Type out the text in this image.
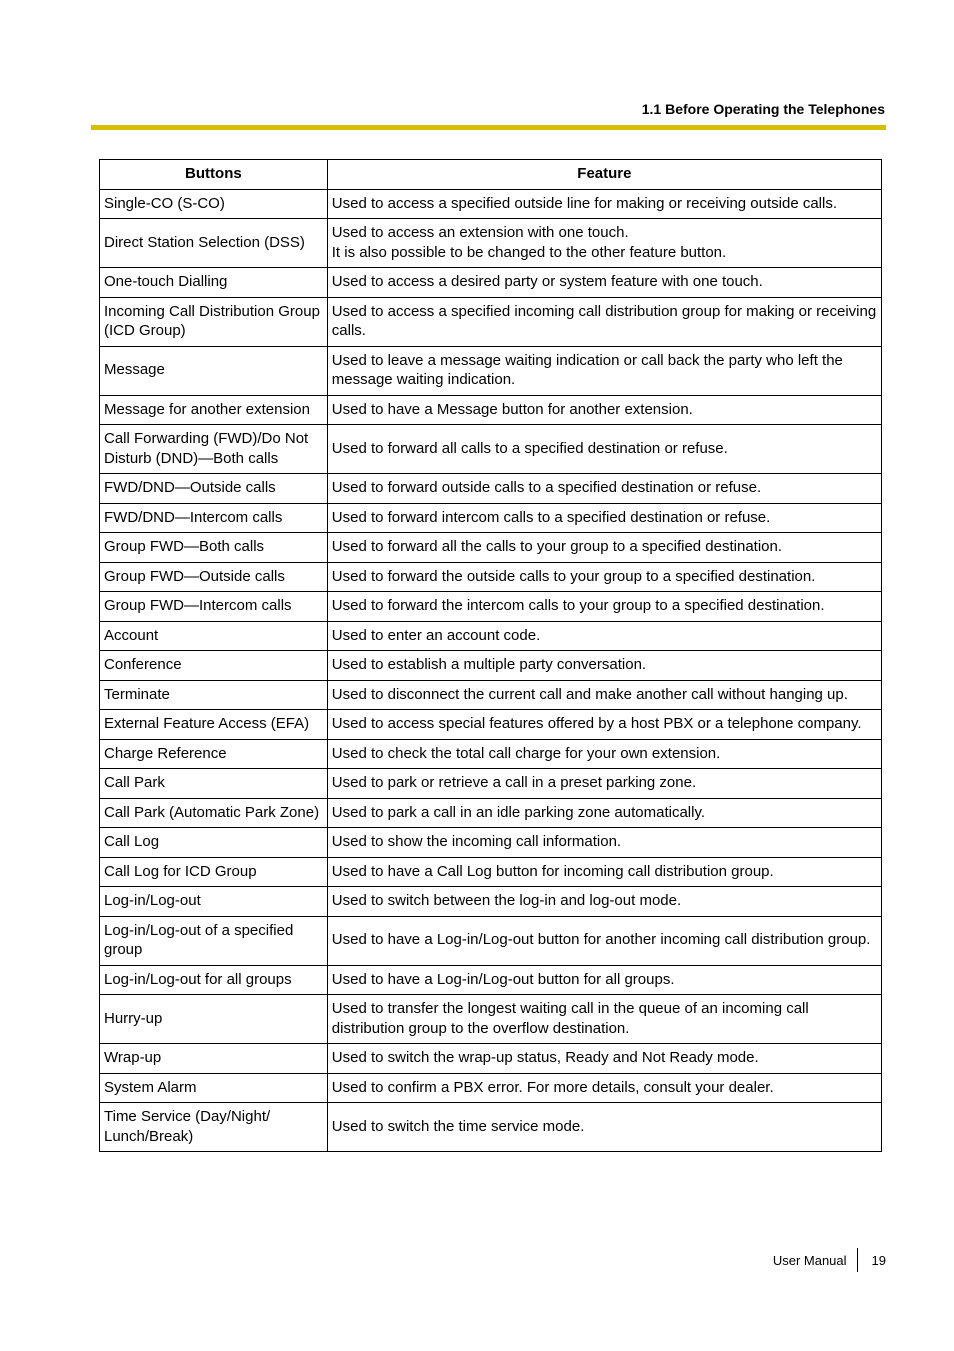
1.1 Before Operating the Telephones
Buttons	Feature
Single-CO (S-CO)	Used to access a specified outside line for making or receiving outside calls.
Direct Station Selection (DSS)	Used to access an extension with one touch.
It is also possible to be changed to the other feature button.
One-touch Dialling	Used to access a desired party or system feature with one touch.
Incoming Call Distribution Group (ICD Group)	Used to access a specified incoming call distribution group for making or receiving calls.
Message	Used to leave a message waiting indication or call back the party who left the message waiting indication.
Message for another extension	Used to have a Message button for another extension.
Call Forwarding (FWD)/Do Not Disturb (DND)—Both calls	Used to forward all calls to a specified destination or refuse.
FWD/DND—Outside calls	Used to forward outside calls to a specified destination or refuse.
FWD/DND—Intercom calls	Used to forward intercom calls to a specified destination or refuse.
Group FWD—Both calls	Used to forward all the calls to your group to a specified destination.
Group FWD—Outside calls	Used to forward the outside calls to your group to a specified destination.
Group FWD—Intercom calls	Used to forward the intercom calls to your group to a specified destination.
Account	Used to enter an account code.
Conference	Used to establish a multiple party conversation.
Terminate	Used to disconnect the current call and make another call without hanging up.
External Feature Access (EFA)	Used to access special features offered by a host PBX or a telephone company.
Charge Reference	Used to check the total call charge for your own extension.
Call Park	Used to park or retrieve a call in a preset parking zone.
Call Park (Automatic Park Zone)	Used to park a call in an idle parking zone automatically.
Call Log	Used to show the incoming call information.
Call Log for ICD Group	Used to have a Call Log button for incoming call distribution group.
Log-in/Log-out	Used to switch between the log-in and log-out mode.
Log-in/Log-out of a specified group	Used to have a Log-in/Log-out button for another incoming call distribution group.
Log-in/Log-out for all groups	Used to have a Log-in/Log-out button for all groups.
Hurry-up	Used to transfer the longest waiting call in the queue of an incoming call distribution group to the overflow destination.
Wrap-up	Used to switch the wrap-up status, Ready and Not Ready mode.
System Alarm	Used to confirm a PBX error. For more details, consult your dealer.
Time Service (Day/Night/ Lunch/Break)	Used to switch the time service mode.
User Manual 19
